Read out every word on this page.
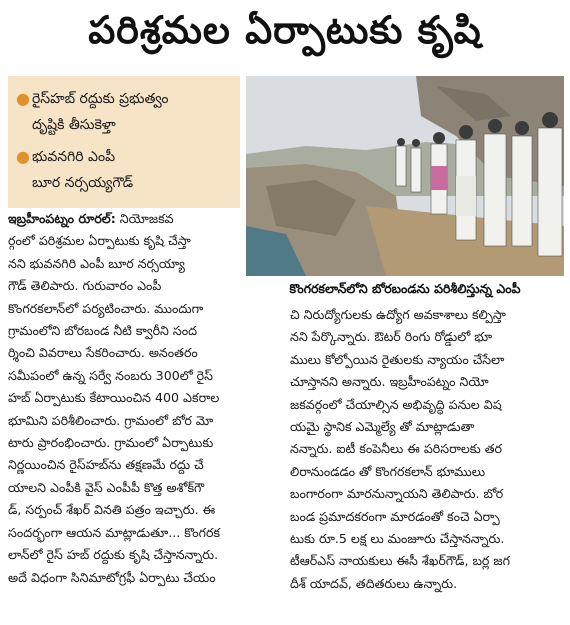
పరిశ్రమల ఏర్పాటుకు కృషి
● రైస్‌హబ్ రద్దుకు ప్రభుత్వం
దృష్టికి తీసుకెళ్తా
● భువనగిరి ఎంపీ
బూర నర్సయ్యగౌడ్
కొంగరకలాన్‌లోని బోరబండను పరిశీలిస్తున్న ఎంపీ
ఇబ్రహీంపట్నం రూరల్: నియోజకవ
ర్గంలో పరిశ్రమల ఏర్పాటుకు కృషి చేస్తా
నని భువనగిరి ఎంపీ బూర నర్సయ్యా
గౌడ్ తెలిపారు. గురువారం ఎంపీ
కొంగరకలాన్‌లో పర్యటించారు. ముందుగా
గ్రామంలోని బోరబండ నీటి క్వారీని సంద
ర్శించి వివరాలు సేకరించారు. అనంతరం
సమీపంలో ఉన్న సర్వే నంబరు 300లో రైస్
హబ్ ఏర్పాటుకు కేటాయించిన 400 ఎకరాల
భూమిని పరిశీలించారు. గ్రామంలో బోర మో
టారు ప్రారంభించారు. గ్రామంలో ఏర్పాటుకు
నిర్ణయించిన రైస్‌హబ్‌ను తక్షణమే రద్దు చే
యాలని ఎంపీకి వైస్ ఎంపీపీ కొత్త అశోక్‌గౌ
డ్, సర్పంచ్ శేఖర్ వినతి పత్రం ఇచ్చారు. ఈ
సందర్భంగా ఆయన మాట్లాడుతూ... కొంగరక
లాన్‌లో రైస్ హబ్ రద్దుకు కృషి చేస్తానన్నారు.
అదే విధంగా సినిమాటోగ్రఫీ ఏర్పాటు చేయం
చి నిరుద్యోగులకు ఉద్యోగ అవకాశాలు కల్పిస్తా
నని పేర్కొన్నారు. ఔటర్ రింగు రోడ్డులో భూ
ములు కోల్పోయిన రైతులకు న్యాయం చేసేలా
చూస్తానని అన్నారు. ఇబ్రహీంపట్నం నియో
జకవర్గంలో చేయాల్సిన అభివృద్ధి పనుల విష
యమై స్థానిక ఎమ్మెల్యే తో మాట్లాడుతా
నన్నారు. ఐటీ కంపెనీలు ఈ పరిసరాలకు తర
లిరానుండడం తో కొంగరకలాన్ భూములు
బంగారంగా మారనున్నాయని తెలిపారు. బోర
బండ ప్రమాదకరంగా మారడంతో కంచె ఏర్పా
టుకు రూ.5 లక్ష లు మంజూరు చేస్తానన్నారు.
టీఆర్ఎస్ నాయకులు ఈసీ శేఖర్‌గౌడ్, బర్ల జగ
దీశ్ యాదవ్, తదితరులు ఉన్నారు.
